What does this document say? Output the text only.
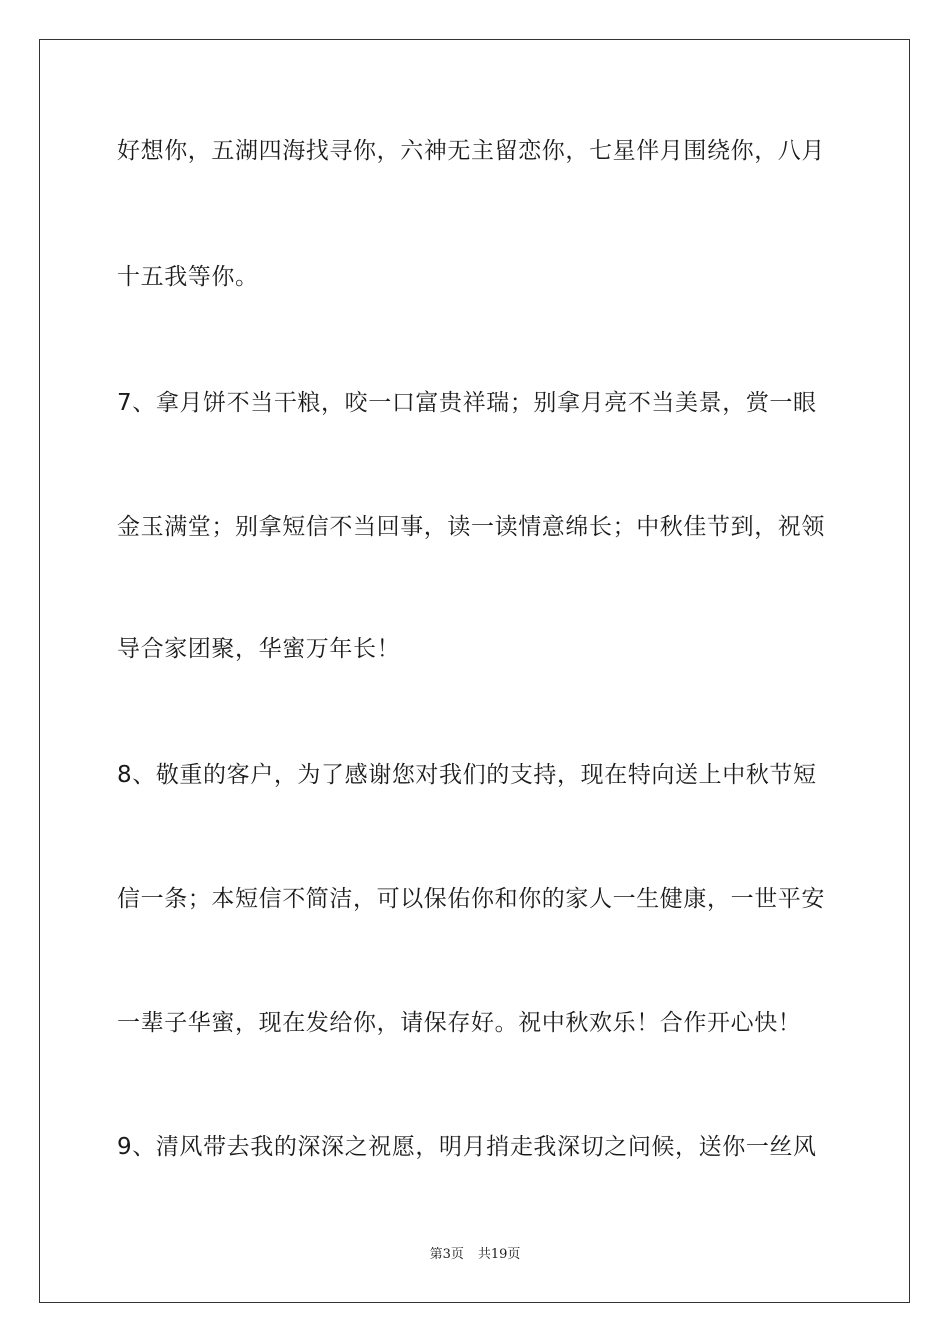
好想你，五湖四海找寻你，六神无主留恋你，七星伴月围绕你，八月
十五我等你。
7、拿月饼不当干粮，咬一口富贵祥瑞；别拿月亮不当美景，赏一眼
金玉满堂；别拿短信不当回事，读一读情意绵长；中秋佳节到，祝领
导合家团聚，华蜜万年长！
8、敬重的客户，为了感谢您对我们的支持，现在特向送上中秋节短
信一条；本短信不简洁，可以保佑你和你的家人一生健康，一世平安
一辈子华蜜，现在发给你，请保存好。祝中秋欢乐！合作开心快！
9、清风带去我的深深之祝愿，明月捎走我深切之问候，送你一丝风
第3页 共19页
